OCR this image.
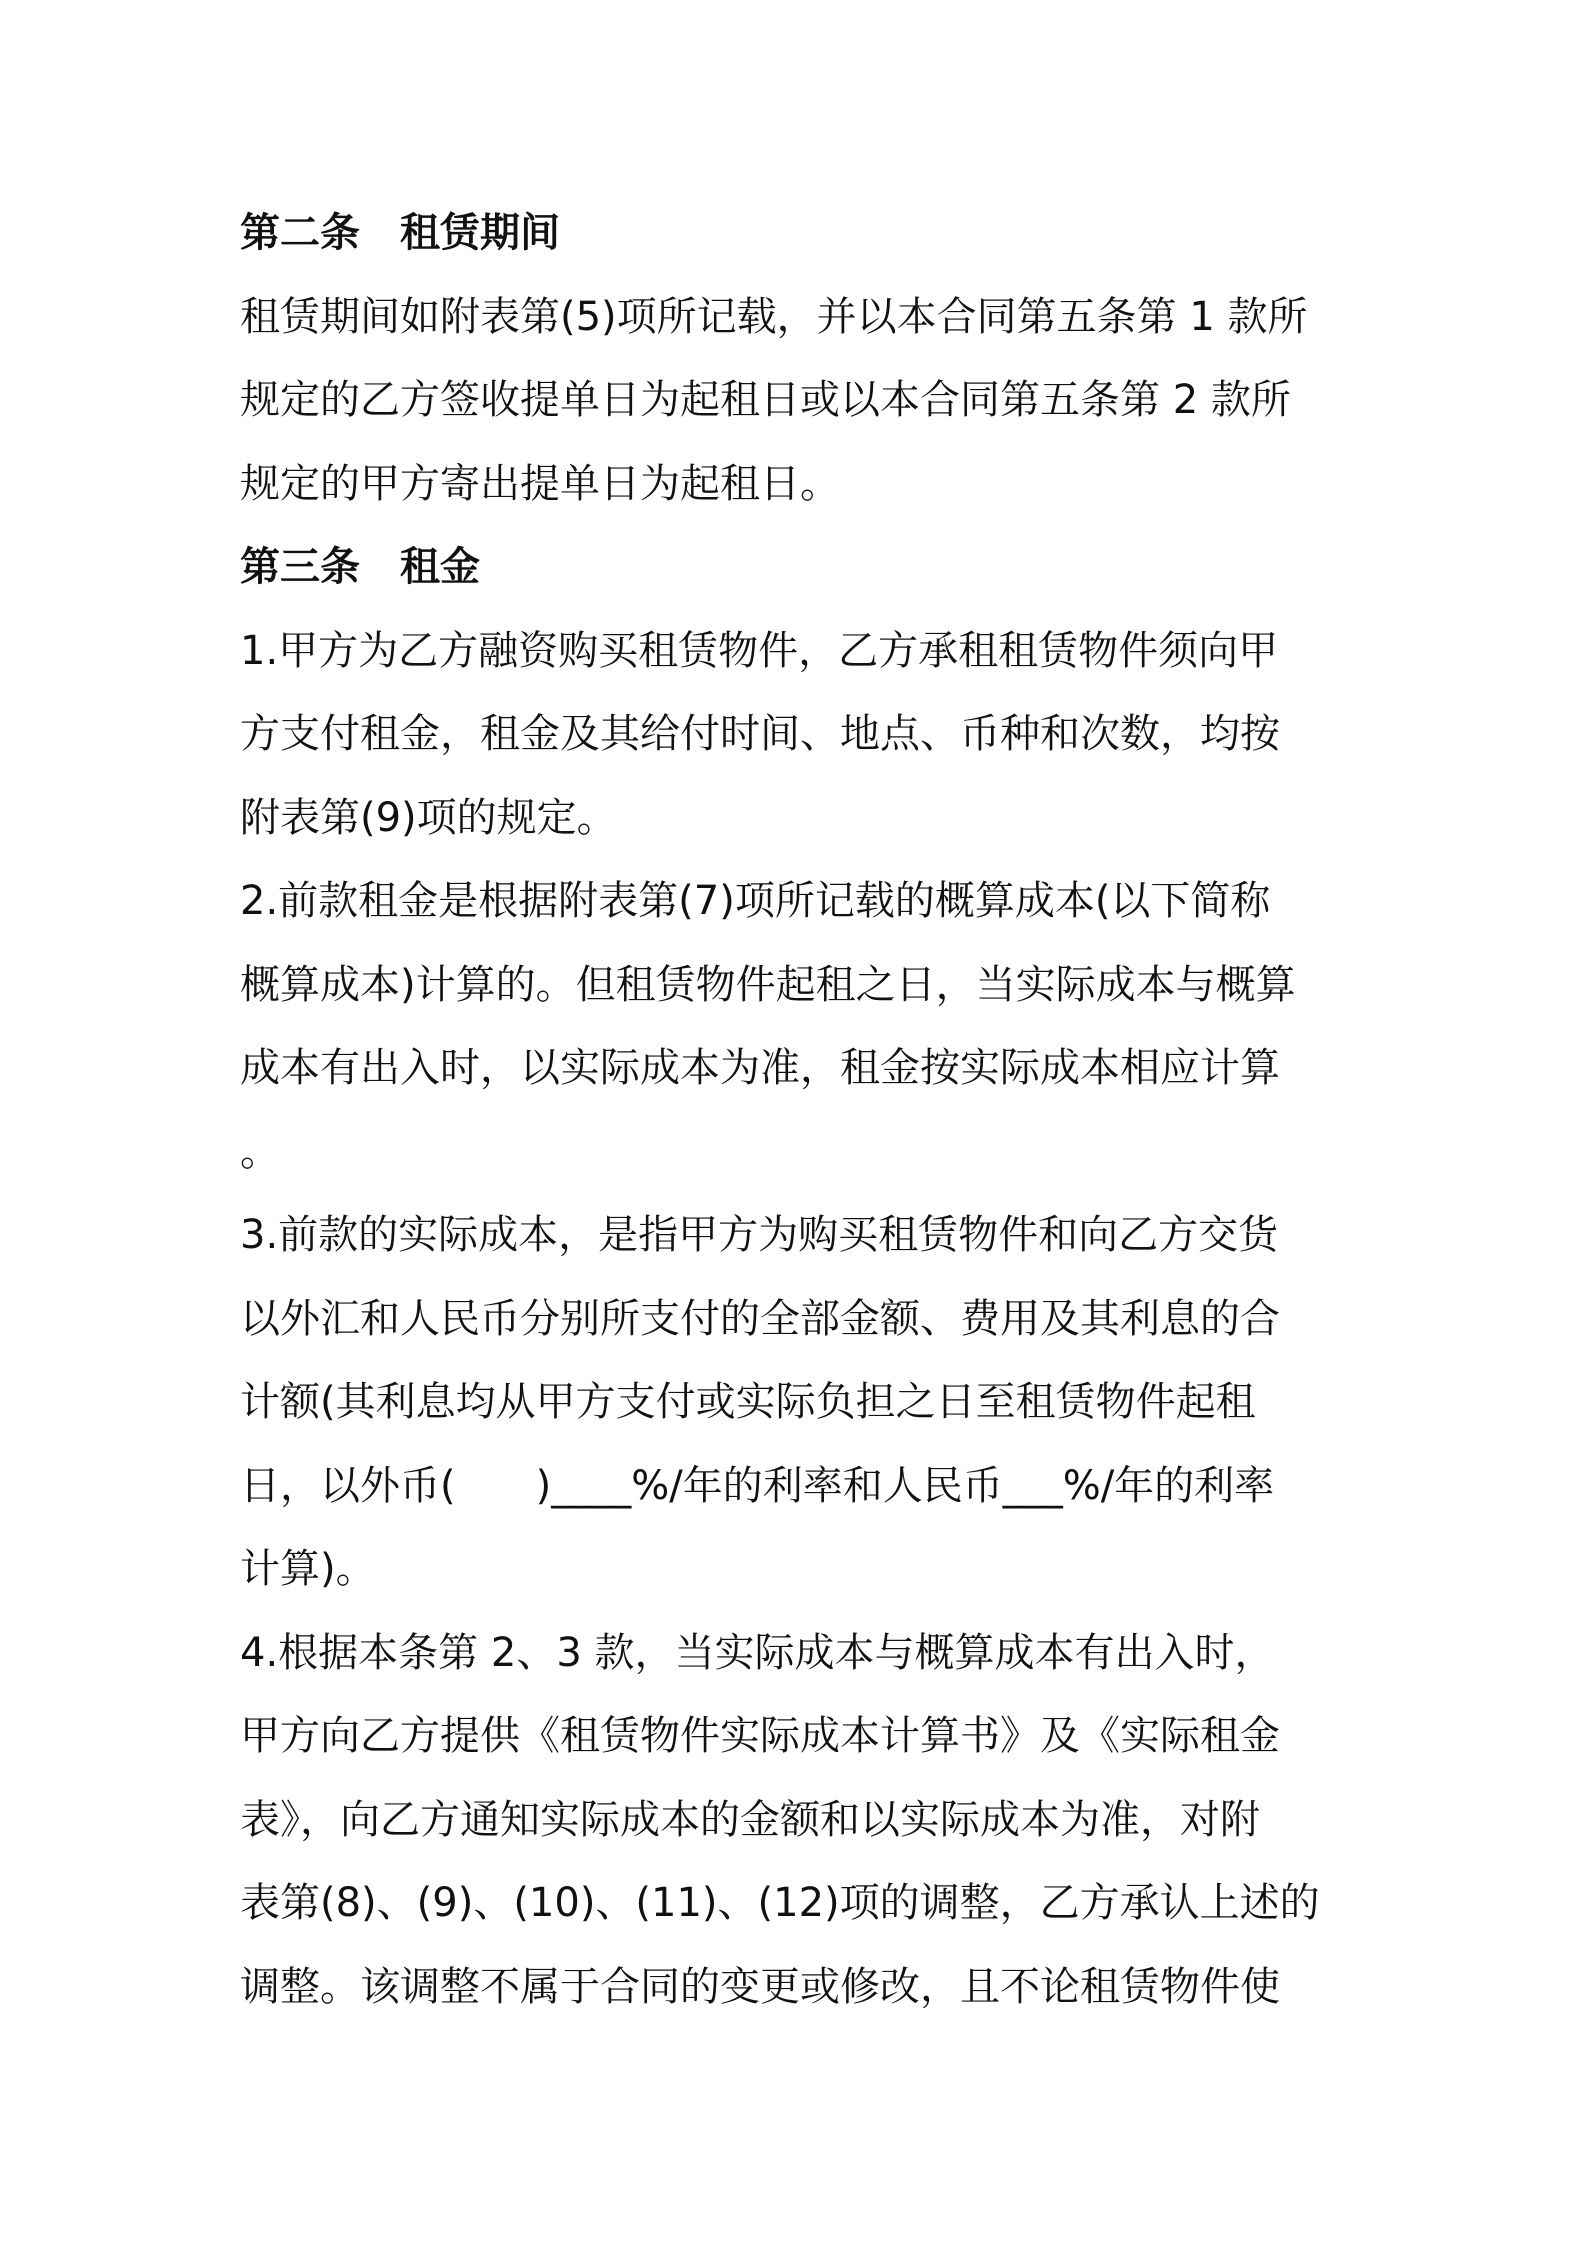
第二条　租赁期间
租赁期间如附表第(5)项所记载，并以本合同第五条第 1 款所
规定的乙方签收提单日为起租日或以本合同第五条第 2 款所
规定的甲方寄出提单日为起租日。
第三条　租金
1.甲方为乙方融资购买租赁物件，乙方承租租赁物件须向甲
方支付租金，租金及其给付时间、地点、币种和次数，均按
附表第(9)项的规定。
2.前款租金是根据附表第(7)项所记载的概算成本(以下简称
概算成本)计算的。但租赁物件起租之日，当实际成本与概算
成本有出入时，以实际成本为准，租金按实际成本相应计算
。
3.前款的实际成本，是指甲方为购买租赁物件和向乙方交货
以外汇和人民币分别所支付的全部金额、费用及其利息的合
计额(其利息均从甲方支付或实际负担之日至租赁物件起租
日，以外币(　　)____%/年的利率和人民币___%/年的利率
计算)。
4.根据本条第 2、3 款，当实际成本与概算成本有出入时，
甲方向乙方提供《租赁物件实际成本计算书》及《实际租金
表》，向乙方通知实际成本的金额和以实际成本为准，对附
表第(8)、(9)、(10)、(11)、(12)项的调整，乙方承认上述的
调整。该调整不属于合同的变更或修改，且不论租赁物件使
